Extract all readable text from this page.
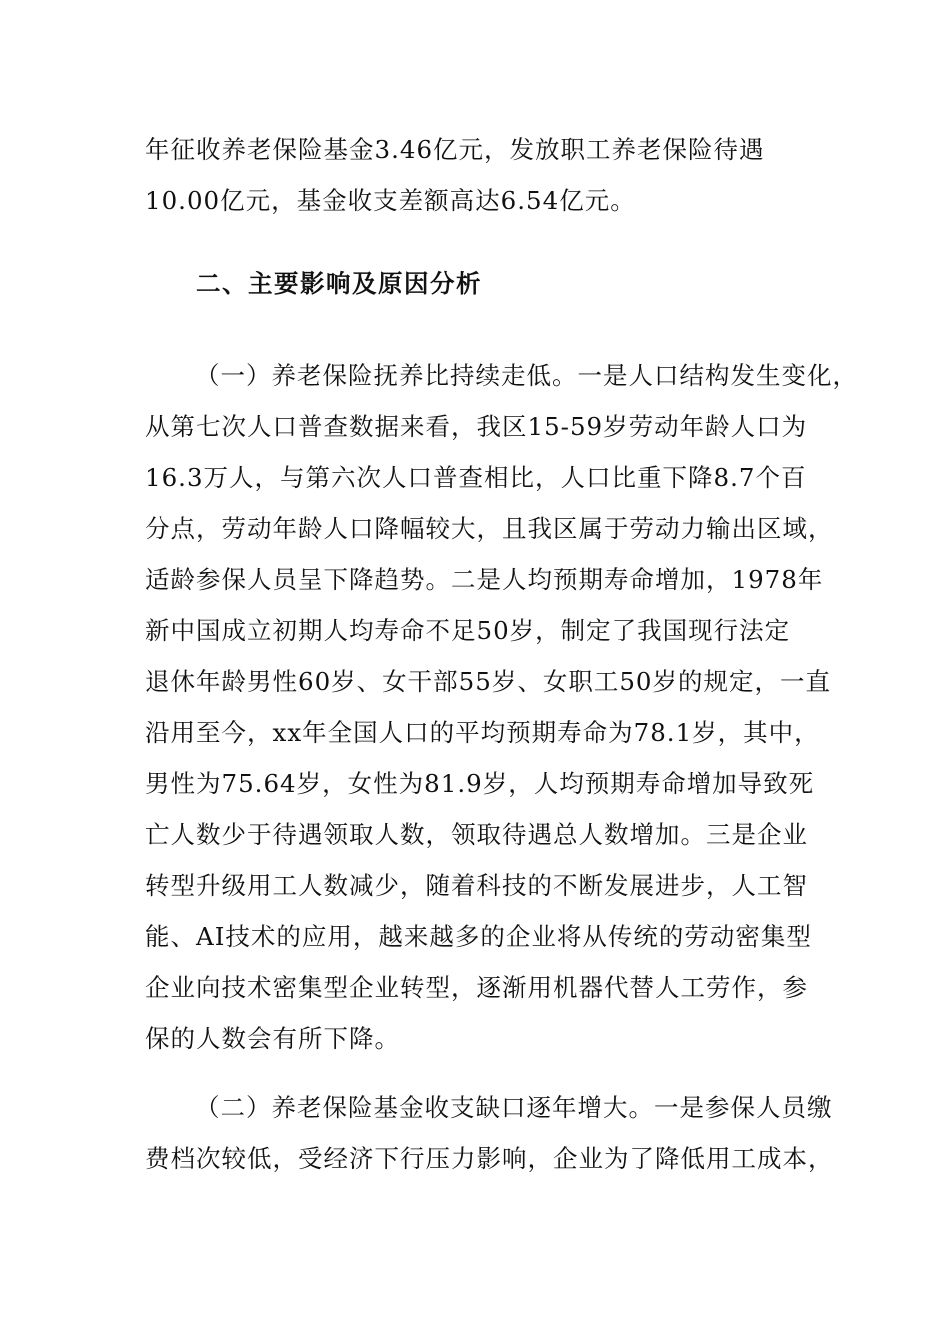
年征收养老保险基金3.46亿元，发放职工养老保险待遇
10.00亿元，基金收支差额高达6.54亿元。
二、主要影响及原因分析
（一）养老保险抚养比持续走低。一是人口结构发生变化，
从第七次人口普查数据来看，我区15-59岁劳动年龄人口为
16.3万人，与第六次人口普查相比，人口比重下降8.7个百
分点，劳动年龄人口降幅较大，且我区属于劳动力输出区域，
适龄参保人员呈下降趋势。二是人均预期寿命增加，1978年
新中国成立初期人均寿命不足50岁，制定了我国现行法定
退休年龄男性60岁、女干部55岁、女职工50岁的规定，一直
沿用至今，xx年全国人口的平均预期寿命为78.1岁，其中，
男性为75.64岁，女性为81.9岁，人均预期寿命增加导致死
亡人数少于待遇领取人数，领取待遇总人数增加。三是企业
转型升级用工人数减少，随着科技的不断发展进步，人工智
能、AI技术的应用，越来越多的企业将从传统的劳动密集型
企业向技术密集型企业转型，逐渐用机器代替人工劳作，参
保的人数会有所下降。
（二）养老保险基金收支缺口逐年增大。一是参保人员缴
费档次较低，受经济下行压力影响，企业为了降低用工成本，
